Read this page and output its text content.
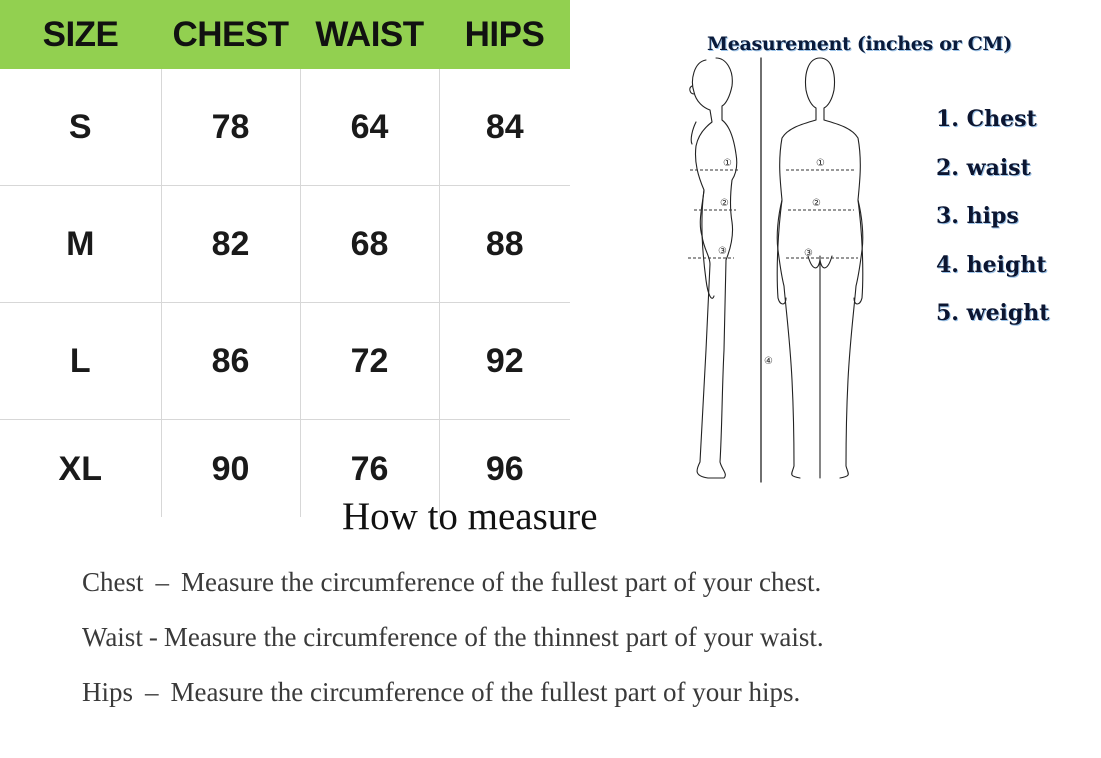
SIZE	CHEST	WAIST	HIPS
S	78	64	84
M	82	68	88
L	86	72	92
XL	90	76	96
Measurement (inches or CM)
①
②
③
①
②
③
④
1. Chest
2. waist
3. hips
4. height
5. weight
How to measure
Chest – Measure the circumference of the fullest part of your chest.
Waist - Measure the circumference of the thinnest part of your waist.
Hips – Measure the circumference of the fullest part of your hips.
